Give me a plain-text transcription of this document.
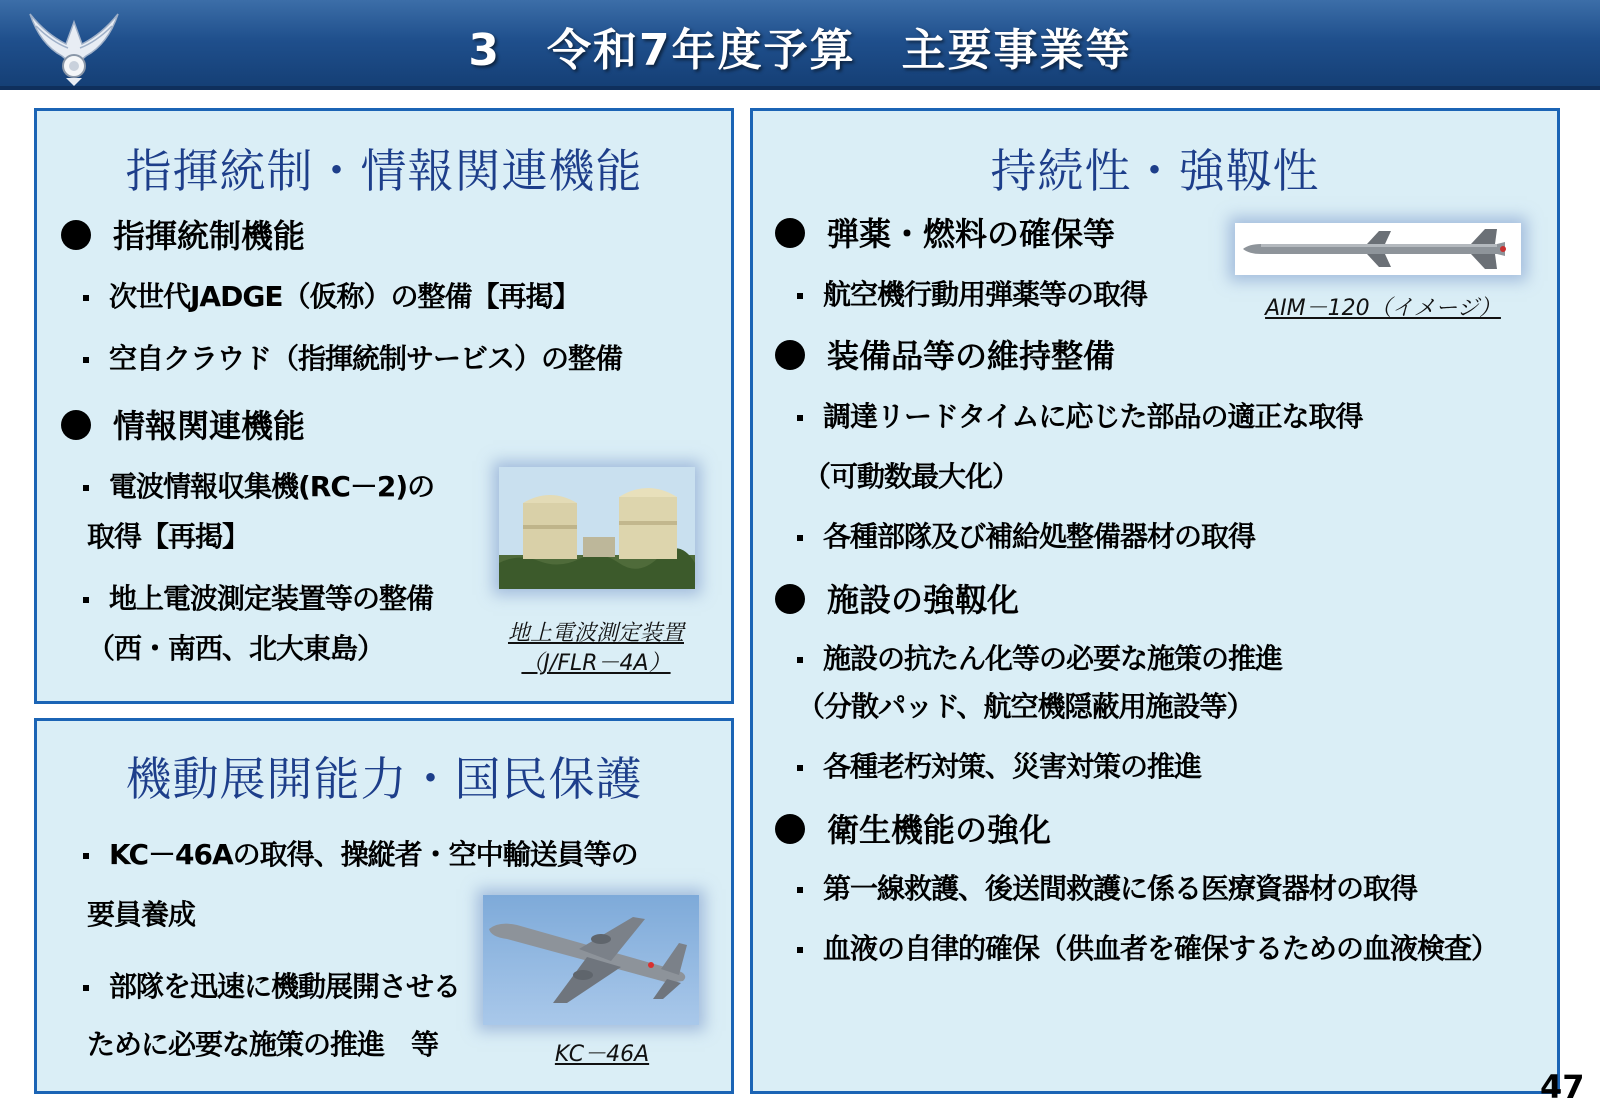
3　令和7年度予算　主要事業等
指揮統制・情報関連機能
指揮統制機能
次世代JADGE（仮称）の整備【再掲】
空自クラウド（指揮統制サービス）の整備
情報関連機能
電波情報収集機(RC－2)の
取得【再掲】
地上電波測定装置等の整備
（西・南西、北大東島）	地上電波測定装置
（J/FLR－4A）
機動展開能力・国民保護
KC－46Aの取得、操縦者・空中輸送員等の
要員養成
部隊を迅速に機動展開させる
ために必要な施策の推進　等	KC－46A
持続性・強靱性
弾薬・燃料の確保等
航空機行動用弾薬等の取得	AIM－120（イメージ）
装備品等の維持整備
調達リードタイムに応じた部品の適正な取得
（可動数最大化）
各種部隊及び補給処整備器材の取得
施設の強靱化
施設の抗たん化等の必要な施策の推進
（分散パッド、航空機隠蔽用施設等）
各種老朽対策、災害対策の推進
衛生機能の強化
第一線救護、後送間救護に係る医療資器材の取得
血液の自律的確保（供血者を確保するための血液検査）
47
